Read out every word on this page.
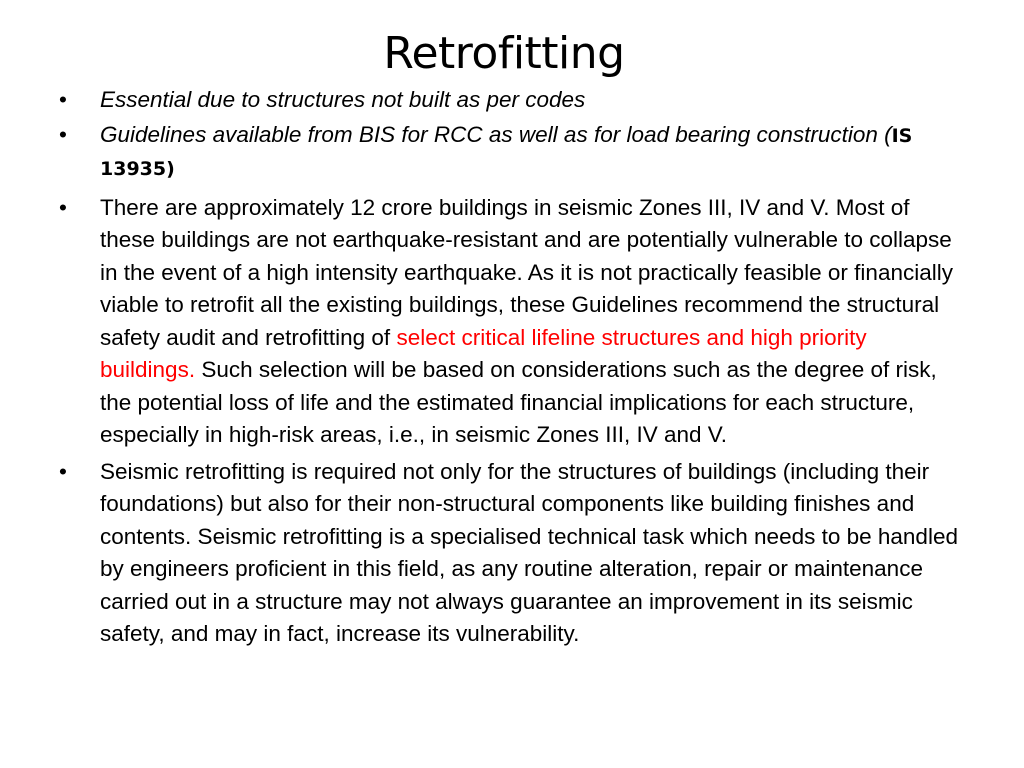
Retrofitting
•	Essential due to structures not built as per codes
•	Guidelines available from BIS for RCC as well as for load bearing construction (IS 13935)
•	There are approximately 12 crore buildings in seismic Zones III, IV and V. Most of these buildings are not earthquake-resistant and are potentially vulnerable to collapse in the event of a high intensity earthquake. As it is not practically feasible or financially viable to retrofit all the existing buildings, these Guidelines recommend the structural safety audit and retrofitting of select critical lifeline structures and high priority buildings. Such selection will be based on considerations such as the degree of risk, the potential loss of life and the estimated financial implications for each structure, especially in high-risk areas, i.e., in seismic Zones III, IV and V.
•	Seismic retrofitting is required not only for the structures of buildings (including their foundations) but also for their non-structural components like building finishes and contents. Seismic retrofitting is a specialised technical task which needs to be handled by engineers proficient in this field, as any routine alteration, repair or maintenance carried out in a structure may not always guarantee an improvement in its seismic safety, and may in fact, increase its vulnerability.
